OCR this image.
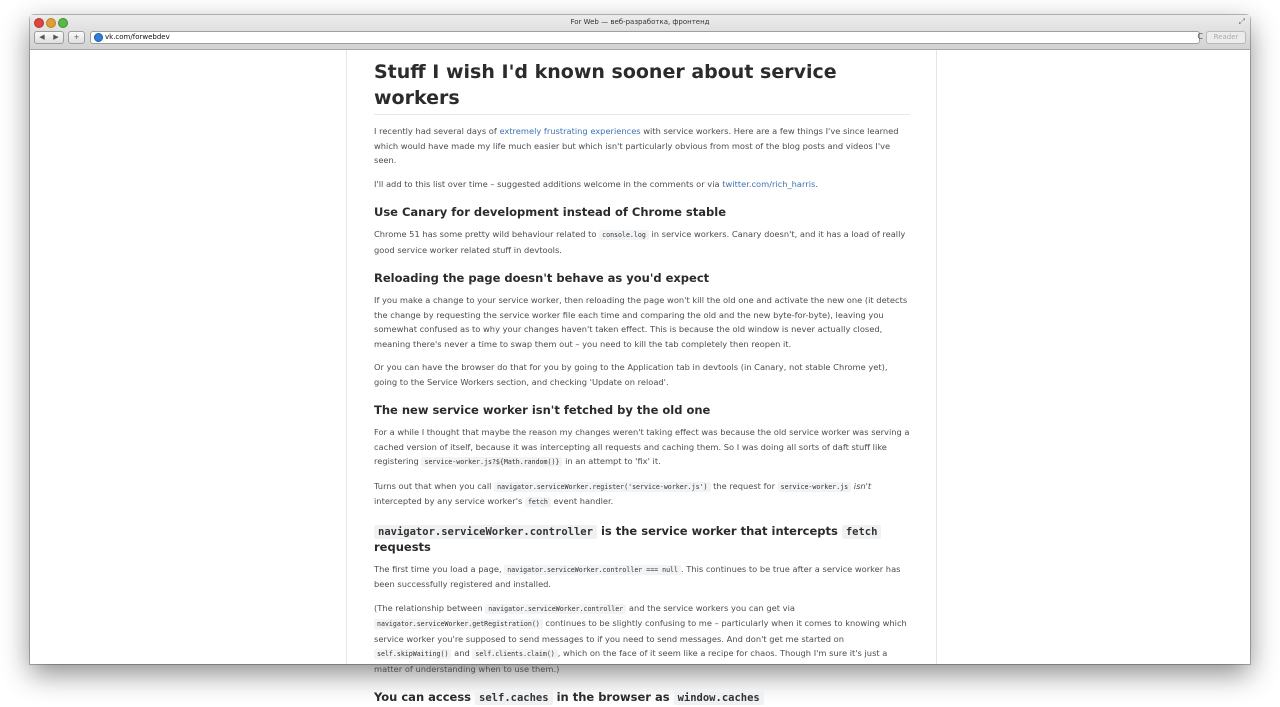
For Web — веб-разработка, фронтенд	⤢
◀	▶	+	vk.com/forwebdev	C	Reader
Stuff I wish I'd known sooner about service workers

I recently had several days of extremely frustrating experiences with service workers. Here are a few things I've since learned which would have made my life much easier but which isn't particularly obvious from most of the blog posts and videos I've seen.

I'll add to this list over time – suggested additions welcome in the comments or via twitter.com/rich_harris.

Use Canary for development instead of Chrome stable

Chrome 51 has some pretty wild behaviour related to console.log in service workers. Canary doesn't, and it has a load of really good service worker related stuff in devtools.

Reloading the page doesn't behave as you'd expect

If you make a change to your service worker, then reloading the page won't kill the old one and activate the new one (it detects the change by requesting the service worker file each time and comparing the old and the new byte-for-byte), leaving you somewhat confused as to why your changes haven't taken effect. This is because the old window is never actually closed, meaning there's never a time to swap them out – you need to kill the tab completely then reopen it.

Or you can have the browser do that for you by going to the Application tab in devtools (in Canary, not stable Chrome yet), going to the Service Workers section, and checking 'Update on reload'.

The new service worker isn't fetched by the old one

For a while I thought that maybe the reason my changes weren't taking effect was because the old service worker was serving a cached version of itself, because it was intercepting all requests and caching them. So I was doing all sorts of daft stuff like registering service-worker.js?${Math.random()} in an attempt to 'fix' it.

Turns out that when you call navigator.serviceWorker.register('service-worker.js') the request for service-worker.js isn't intercepted by any service worker's fetch event handler.

navigator.serviceWorker.controller is the service worker that intercepts fetch requests

The first time you load a page, navigator.serviceWorker.controller === null . This continues to be true after a service worker has been successfully registered and installed.

(The relationship between navigator.serviceWorker.controller and the service workers you can get via navigator.serviceWorker.getRegistration() continues to be slightly confusing to me – particularly when it comes to knowing which service worker you're supposed to send messages to if you need to send messages. And don't get me started on self.skipWaiting() and self.clients.claim() , which on the face of it seem like a recipe for chaos. Though I'm sure it's just a matter of understanding when to use them.)

You can access self.caches in the browser as window.caches
